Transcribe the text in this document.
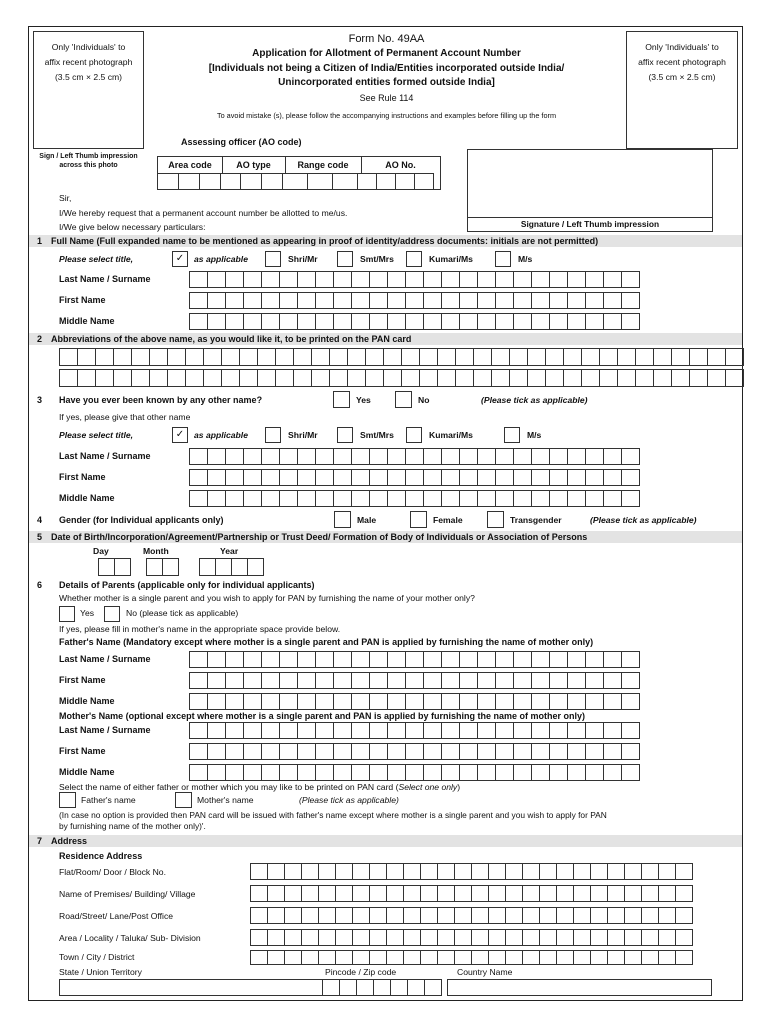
Only 'Individuals' to
affix recent photograph
(3.5 cm × 2.5 cm)
Only 'Individuals' to
affix recent photograph
(3.5 cm × 2.5 cm)
Form No. 49AA
Application for Allotment of Permanent Account Number
[Individuals not being a Citizen of India/Entities incorporated outside India/
Unincorporated entities formed outside India]
See Rule 114
To avoid mistake (s), please follow the accompanying instructions and examples before filling up the form
Assessing officer (AO code)
Sign / Left Thumb impression across this photo	Area code	AO type	Range code	AO No.
Signature / Left Thumb impression
Sir,
I/We hereby request that a permanent account number be allotted to me/us.
I/We give below necessary particulars:
1 Full Name (Full expanded name to be mentioned as appearing in proof of identity/address documents: initials are not permitted)
Please select title,	✓	as applicable	Shri/Mr	Smt/Mrs	Kumari/Ms	M/s
Last Name / Surname
First Name
Middle Name
2 Abbreviations of the above name, as you would like it, to be printed on the PAN card
3 Have you ever been known by any other name?	Yes	No	(Please tick as applicable)
If yes, please give that other name
Please select title,	✓	as applicable	Shri/Mr	Smt/Mrs	Kumari/Ms	M/s
Last Name / Surname
First Name
Middle Name
4 Gender (for Individual applicants only)	Male	Female	Transgender	(Please tick as applicable)
5 Date of Birth/Incorporation/Agreement/Partnership or Trust Deed/ Formation of Body of Individuals or Association of Persons
Day	Month	Year
6 Details of Parents (applicable only for individual applicants)
Whether mother is a single parent and you wish to apply for PAN by furnishing the name of your mother only?
Yes	No (please tick as applicable)
If yes, please fill in mother's name in the appropriate space provide below.
Father's Name (Mandatory except where mother is a single parent and PAN is applied by furnishing the name of mother only)
Last Name / Surname
First Name
Middle Name
Mother's Name (optional except where mother is a single parent and PAN is applied by furnishing the name of mother only)
Last Name / Surname
First Name
Middle Name
Select the name of either father or mother which you may like to be printed on PAN card (Select one only)
Father's name	Mother's name	(Please tick as applicable)
(In case no option is provided then PAN card will be issued with father's name except where mother is a single parent and you wish to apply for PAN
by furnishing name of the mother only)'.
7 Address
Residence Address
Flat/Room/ Door / Block No.
Name of Premises/ Building/ Village
Road/Street/ Lane/Post Office
Area / Locality / Taluka/ Sub- Division
Town / City / District
State / Union Territory	Pincode / Zip code	Country Name
